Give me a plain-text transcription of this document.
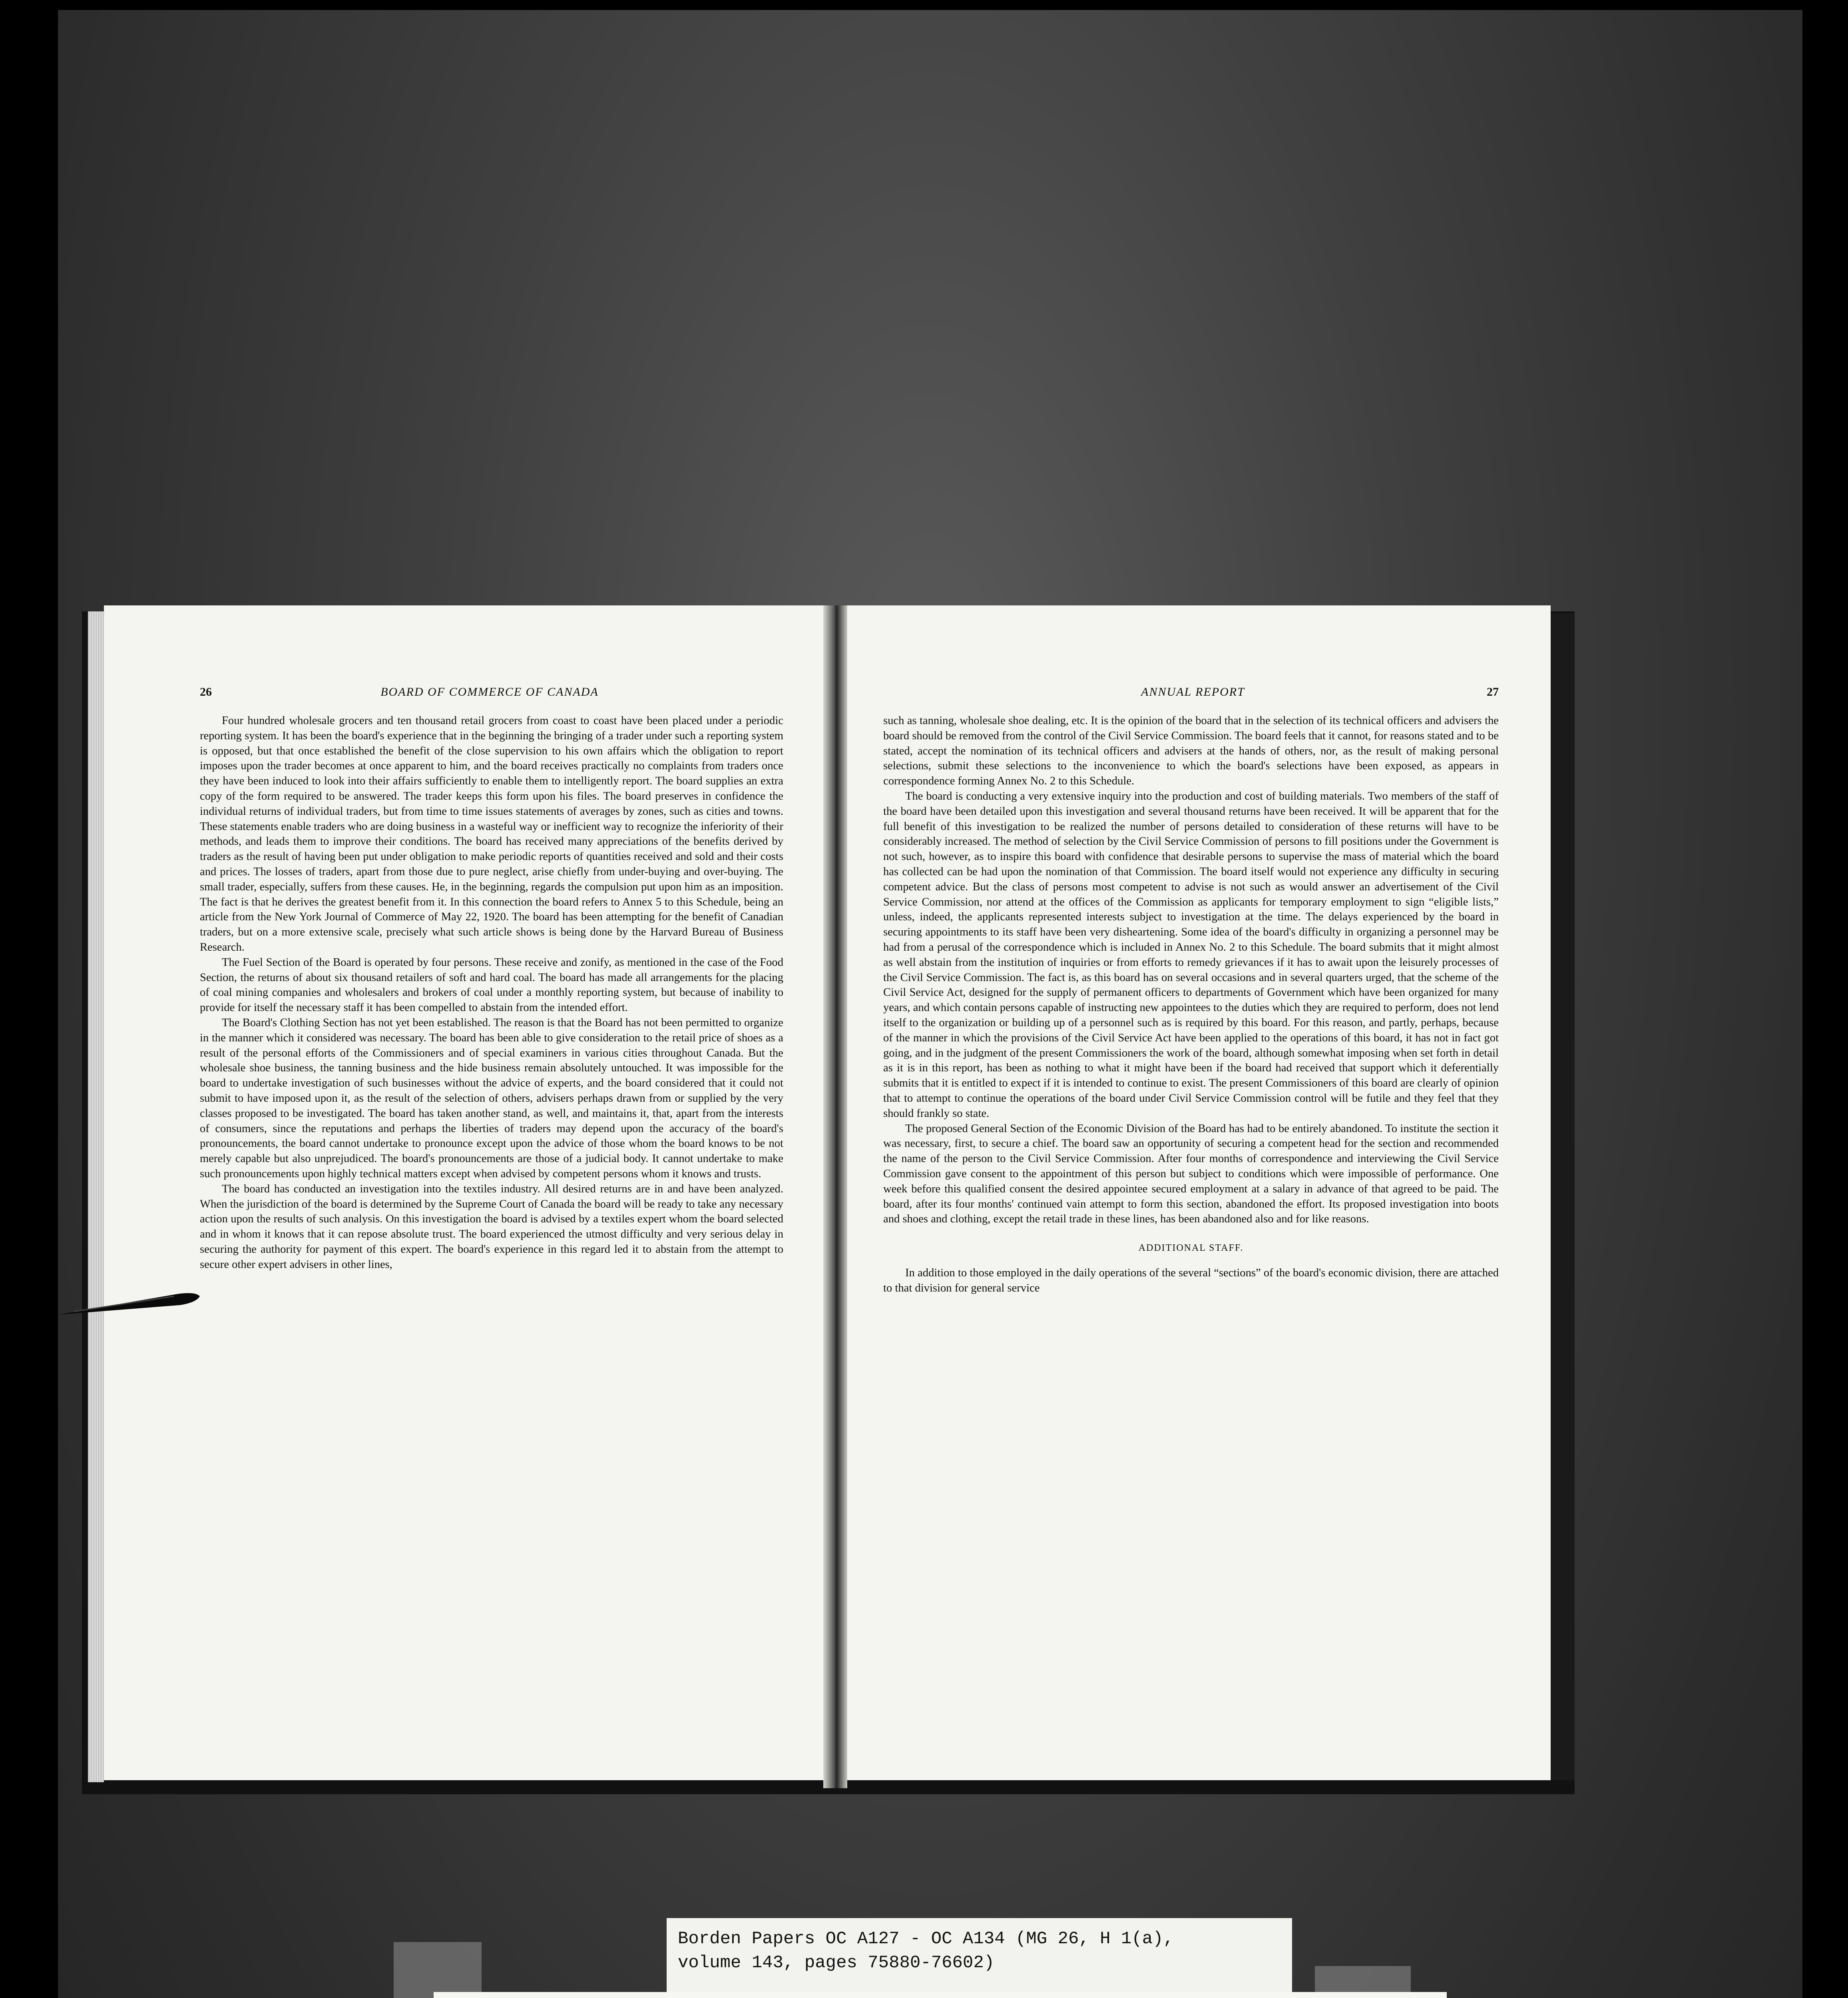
26	BOARD OF COMMERCE OF CANADA

Four hundred wholesale grocers and ten thousand retail grocers from coast to coast have been placed under a periodic reporting system. It has been the board's experience that in the beginning the bringing of a trader under such a reporting system is opposed, but that once established the benefit of the close supervision to his own affairs which the obligation to report imposes upon the trader becomes at once apparent to him, and the board receives practically no complaints from traders once they have been induced to look into their affairs sufficiently to enable them to intelligently report. The board supplies an extra copy of the form required to be answered. The trader keeps this form upon his files. The board preserves in confidence the individual returns of individual traders, but from time to time issues statements of averages by zones, such as cities and towns. These statements enable traders who are doing business in a wasteful way or inefficient way to recognize the inferiority of their methods, and leads them to improve their conditions. The board has received many appreciations of the benefits derived by traders as the result of having been put under obligation to make periodic reports of quantities received and sold and their costs and prices. The losses of traders, apart from those due to pure neglect, arise chiefly from under-buying and over-buying. The small trader, especially, suffers from these causes. He, in the beginning, regards the compulsion put upon him as an imposition. The fact is that he derives the greatest benefit from it. In this connection the board refers to Annex 5 to this Schedule, being an article from the New York Journal of Commerce of May 22, 1920. The board has been attempting for the benefit of Canadian traders, but on a more extensive scale, precisely what such article shows is being done by the Harvard Bureau of Business Research.

The Fuel Section of the Board is operated by four persons. These receive and zonify, as mentioned in the case of the Food Section, the returns of about six thousand retailers of soft and hard coal. The board has made all arrangements for the placing of coal mining companies and wholesalers and brokers of coal under a monthly reporting system, but because of inability to provide for itself the necessary staff it has been compelled to abstain from the intended effort.

The Board's Clothing Section has not yet been established. The reason is that the Board has not been permitted to organize in the manner which it considered was necessary. The board has been able to give consideration to the retail price of shoes as a result of the personal efforts of the Commissioners and of special examiners in various cities throughout Canada. But the wholesale shoe business, the tanning business and the hide business remain absolutely untouched. It was impossible for the board to undertake investigation of such businesses without the advice of experts, and the board considered that it could not submit to have imposed upon it, as the result of the selection of others, advisers perhaps drawn from or supplied by the very classes proposed to be investigated. The board has taken another stand, as well, and maintains it, that, apart from the interests of consumers, since the reputations and perhaps the liberties of traders may depend upon the accuracy of the board's pronouncements, the board cannot undertake to pronounce except upon the advice of those whom the board knows to be not merely capable but also unprejudiced. The board's pronouncements are those of a judicial body. It cannot undertake to make such pronouncements upon highly technical matters except when advised by competent persons whom it knows and trusts.

The board has conducted an investigation into the textiles industry. All desired returns are in and have been analyzed. When the jurisdiction of the board is determined by the Supreme Court of Canada the board will be ready to take any necessary action upon the results of such analysis. On this investigation the board is advised by a textiles expert whom the board selected and in whom it knows that it can repose absolute trust. The board experienced the utmost difficulty and very serious delay in securing the authority for payment of this expert. The board's experience in this regard led it to abstain from the attempt to secure other expert advisers in other lines,

ANNUAL REPORT	27

such as tanning, wholesale shoe dealing, etc. It is the opinion of the board that in the selection of its technical officers and advisers the board should be removed from the control of the Civil Service Commission. The board feels that it cannot, for reasons stated and to be stated, accept the nomination of its technical officers and advisers at the hands of others, nor, as the result of making personal selections, submit these selections to the inconvenience to which the board's selections have been exposed, as appears in correspondence forming Annex No. 2 to this Schedule.

The board is conducting a very extensive inquiry into the production and cost of building materials. Two members of the staff of the board have been detailed upon this investigation and several thousand returns have been received. It will be apparent that for the full benefit of this investigation to be realized the number of persons detailed to consideration of these returns will have to be considerably increased. The method of selection by the Civil Service Commission of persons to fill positions under the Government is not such, however, as to inspire this board with confidence that desirable persons to supervise the mass of material which the board has collected can be had upon the nomination of that Commission. The board itself would not experience any difficulty in securing competent advice. But the class of persons most competent to advise is not such as would answer an advertisement of the Civil Service Commission, nor attend at the offices of the Commission as applicants for temporary employment to sign “eligible lists,” unless, indeed, the applicants represented interests subject to investigation at the time. The delays experienced by the board in securing appointments to its staff have been very disheartening. Some idea of the board's difficulty in organizing a personnel may be had from a perusal of the correspondence which is included in Annex No. 2 to this Schedule. The board submits that it might almost as well abstain from the institution of inquiries or from efforts to remedy grievances if it has to await upon the leisurely processes of the Civil Service Commission. The fact is, as this board has on several occasions and in several quarters urged, that the scheme of the Civil Service Act, designed for the supply of permanent officers to departments of Government which have been organized for many years, and which contain persons capable of instructing new appointees to the duties which they are required to perform, does not lend itself to the organization or building up of a personnel such as is required by this board. For this reason, and partly, perhaps, because of the manner in which the provisions of the Civil Service Act have been applied to the operations of this board, it has not in fact got going, and in the judgment of the present Commissioners the work of the board, although somewhat imposing when set forth in detail as it is in this report, has been as nothing to what it might have been if the board had received that support which it deferentially submits that it is entitled to expect if it is intended to continue to exist. The present Commissioners of this board are clearly of opinion that to attempt to continue the operations of the board under Civil Service Commission control will be futile and they feel that they should frankly so state.

The proposed General Section of the Economic Division of the Board has had to be entirely abandoned. To institute the section it was necessary, first, to secure a chief. The board saw an opportunity of securing a competent head for the section and recommended the name of the person to the Civil Service Commission. After four months of correspondence and interviewing the Civil Service Commission gave consent to the appointment of this person but subject to conditions which were impossible of performance. One week before this qualified consent the desired appointee secured employment at a salary in advance of that agreed to be paid. The board, after its four months' continued vain attempt to form this section, abandoned the effort. Its proposed investigation into boots and shoes and clothing, except the retail trade in these lines, has been abandoned also and for like reasons.

ADDITIONAL STAFF.

In addition to those employed in the daily operations of the several “sections” of the board's economic division, there are attached to that division for general service

Borden Papers OC A127 - OC A134 (MG 26, H 1(a),
volume 143, pages 75880-76602)
